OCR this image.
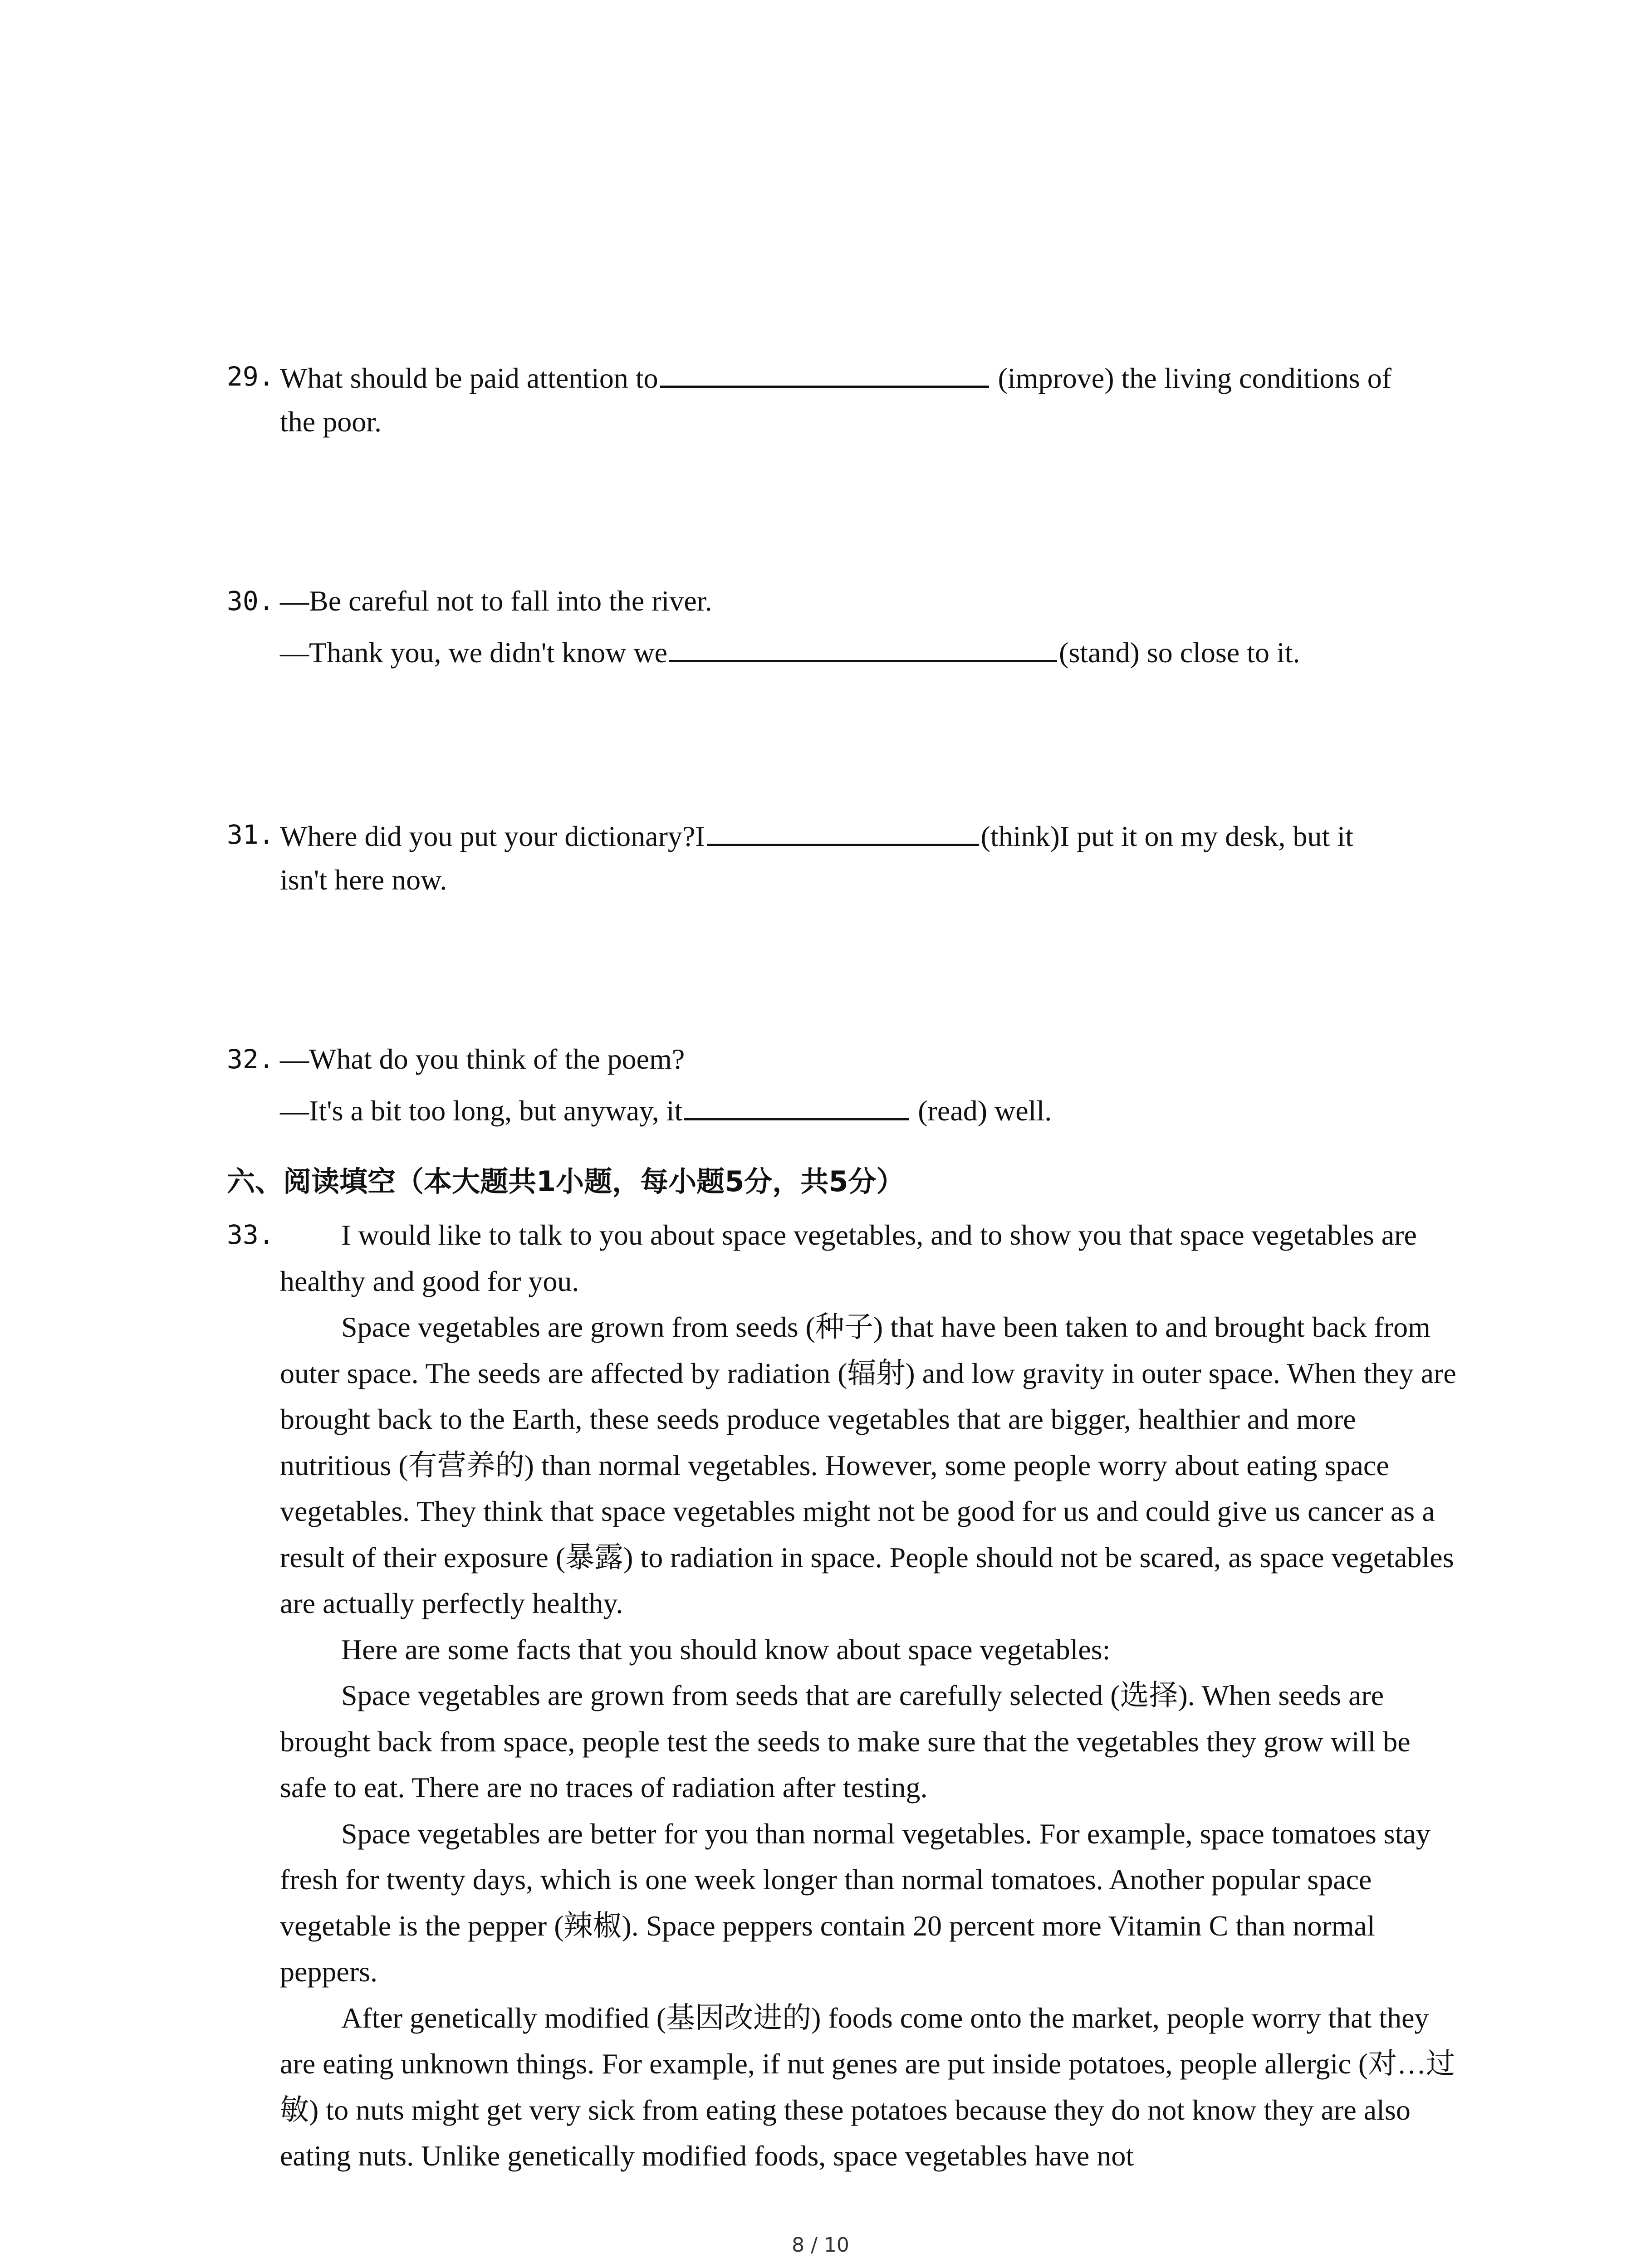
29. What should be paid attention to	(improve) the living conditions of
the poor.
30. —Be careful not to fall into the river.
—Thank you, we didn't know we	(stand) so close to it.
31. Where did you put your dictionary?I	(think)I put it on my desk, but it
isn't here now.
32. —What do you think of the poem?
—It's a bit too long, but anyway, it	(read) well.
六、阅读填空（本大题共1小题，每小题5分，共5分）
33.	I would like to talk to you about space vegetables, and to show you that space vegetables are healthy and good for you.

Space vegetables are grown from seeds (种子) that have been taken to and brought back from outer space. The seeds are affected by radiation (辐射) and low gravity in outer space. When they are brought back to the Earth, these seeds produce vegetables that are bigger, healthier and more nutritious (有营养的) than normal vegetables. However, some people worry about eating space vegetables. They think that space vegetables might not be good for us and could give us cancer as a result of their exposure (暴露) to radiation in space. People should not be scared, as space vegetables are actually perfectly healthy.

Here are some facts that you should know about space vegetables:

Space vegetables are grown from seeds that are carefully selected (选择). When seeds are brought back from space, people test the seeds to make sure that the vegetables they grow will be safe to eat. There are no traces of radiation after testing.

Space vegetables are better for you than normal vegetables. For example, space tomatoes stay fresh for twenty days, which is one week longer than normal tomatoes. Another popular space vegetable is the pepper (辣椒). Space peppers contain 20 percent more Vitamin C than normal peppers.

After genetically modified (基因改进的) foods come onto the market, people worry that they are eating unknown things. For example, if nut genes are put inside potatoes, people allergic (对…过敏) to nuts might get very sick from eating these potatoes because they do not know they are also eating nuts. Unlike genetically modified foods, space vegetables have not

8 / 10
